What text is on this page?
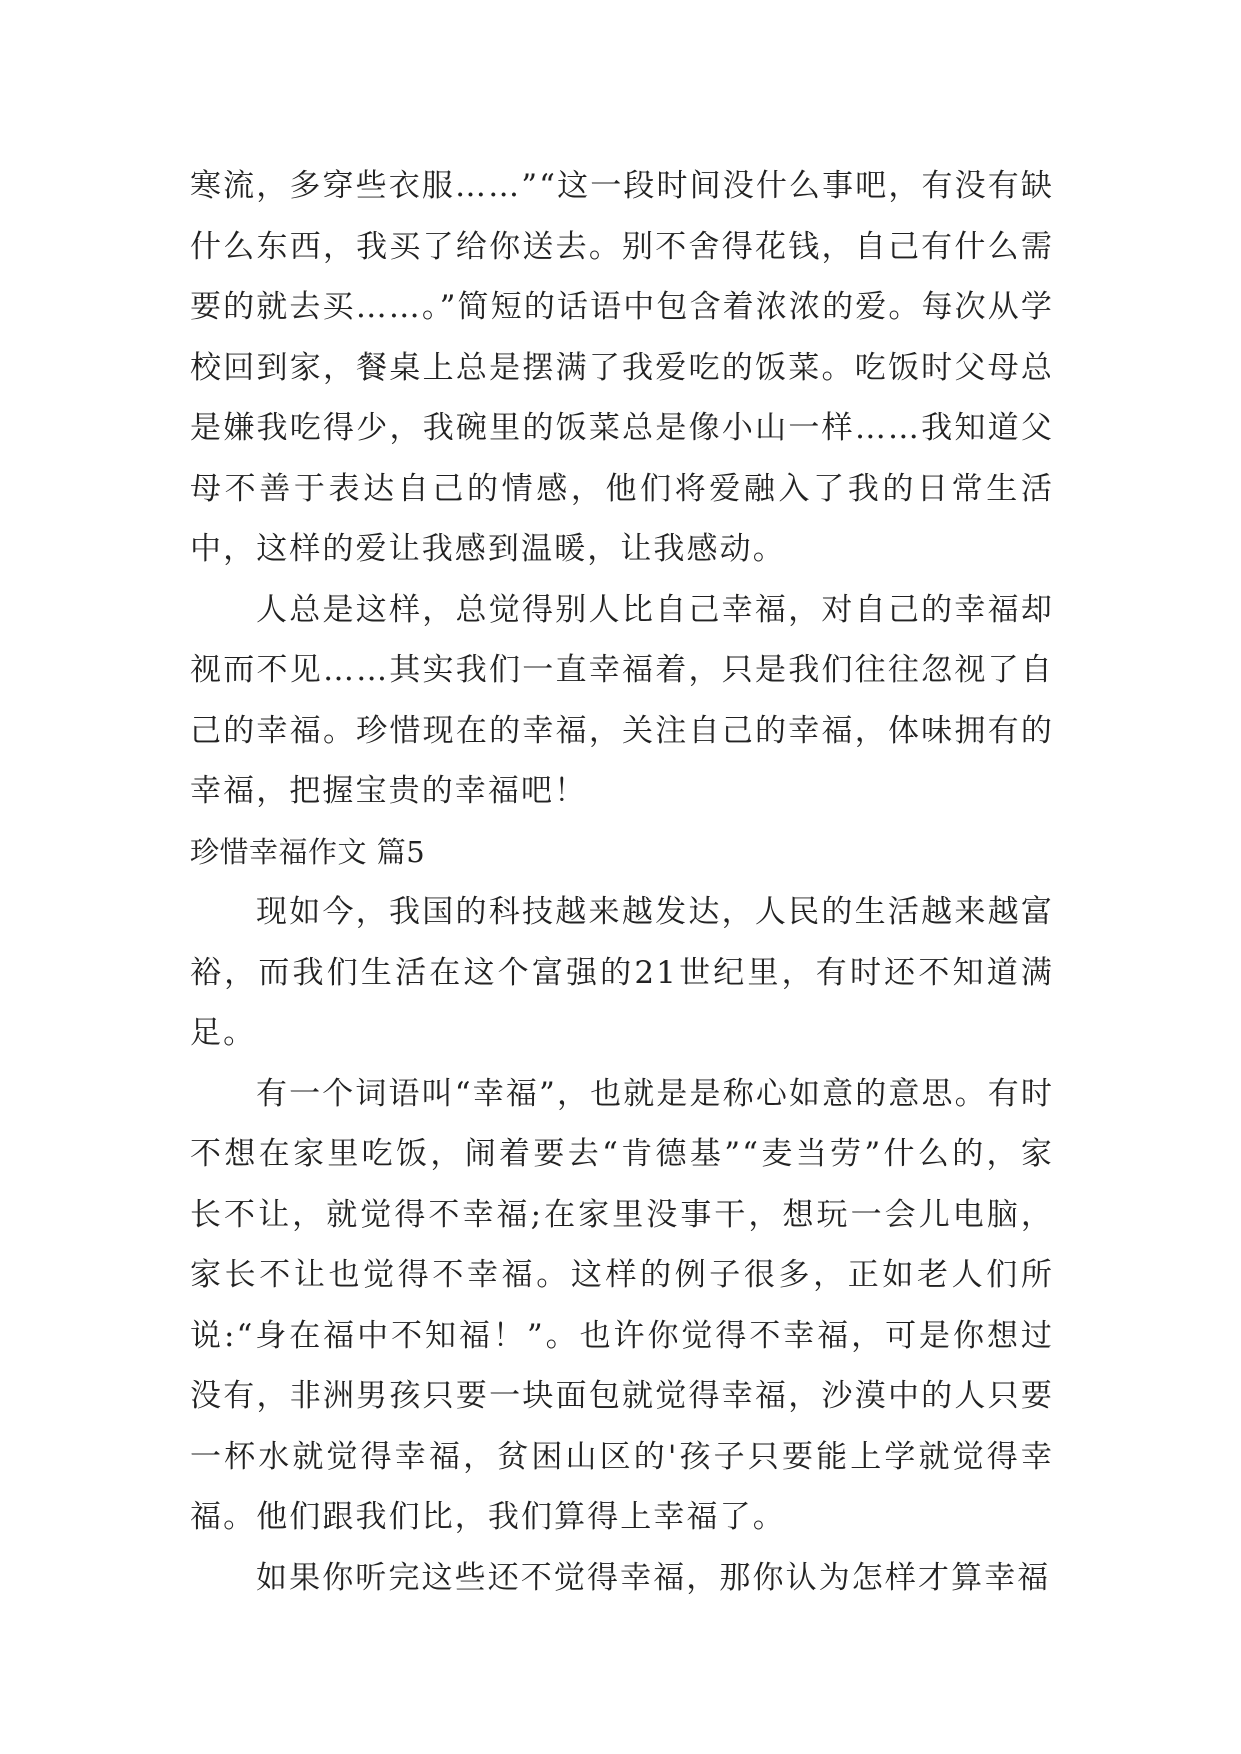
寒流，多穿些衣服……”“这一段时间没什么事吧，有没有缺什么东西，我买了给你送去。别不舍得花钱，自己有什么需要的就去买……。”简短的话语中包含着浓浓的爱。每次从学校回到家，餐桌上总是摆满了我爱吃的饭菜。吃饭时父母总是嫌我吃得少，我碗里的饭菜总是像小山一样……我知道父母不善于表达自己的情感，他们将爱融入了我的日常生活中，这样的爱让我感到温暖，让我感动。

人总是这样，总觉得别人比自己幸福，对自己的幸福却视而不见……其实我们一直幸福着，只是我们往往忽视了自己的幸福。珍惜现在的幸福，关注自己的幸福，体味拥有的幸福，把握宝贵的幸福吧！

珍惜幸福作文 篇5

现如今，我国的科技越来越发达，人民的生活越来越富裕，而我们生活在这个富强的21世纪里，有时还不知道满足。

有一个词语叫“幸福”，也就是是称心如意的意思。有时不想在家里吃饭，闹着要去“肯德基”“麦当劳”什么的，家长不让，就觉得不幸福;在家里没事干，想玩一会儿电脑，家长不让也觉得不幸福。这样的例子很多，正如老人们所说:“身在福中不知福！”。也许你觉得不幸福，可是你想过没有，非洲男孩只要一块面包就觉得幸福，沙漠中的人只要一杯水就觉得幸福，贫困山区的'孩子只要能上学就觉得幸福。他们跟我们比，我们算得上幸福了。

如果你听完这些还不觉得幸福，那你认为怎样才算幸福
